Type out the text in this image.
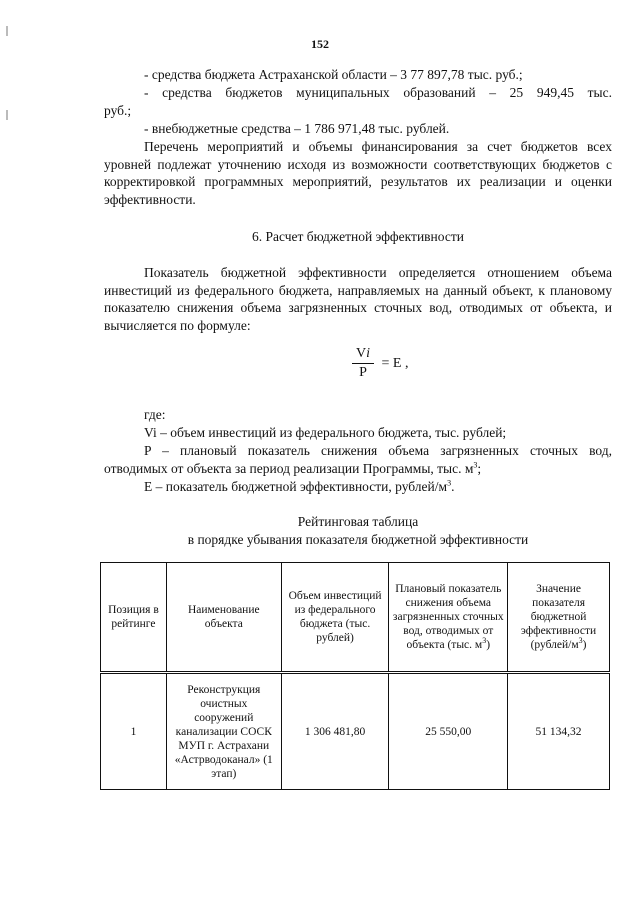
152
- средства бюджета Астраханской области – 3 77 897,78 тыс. руб.;
- средства бюджетов муниципальных образований – 25 949,45 тыс.
руб.;
- внебюджетные средства – 1 786 971,48 тыс. рублей.
Перечень мероприятий и объемы финансирования за счет бюджетов всех уровней подлежат уточнению исходя из возможности соответствующих бюджетов с корректировкой программных мероприятий, результатов их реализации и оценки эффективности.
6. Расчет бюджетной эффективности
Показатель бюджетной эффективности определяется отношением объема инвестиций из федерального бюджета, направляемых на данный объект, к плановому показателю снижения объема загрязненных сточных вод, отводимых от объекта, и вычисляется по формуле:
$\frac{Vi}{P} = E$ ,
где:
Vi – объем инвестиций из федерального бюджета, тыс. рублей;
P – плановый показатель снижения объема загрязненных сточных вод,
отводимых от объекта за период реализации Программы, тыс. $м^3$;
E – показатель бюджетной эффективности, рублей/$м^3$.
Рейтинговая таблица
в порядке убывания показателя бюджетной эффективности
Позиция в рейтинге	Наименование объекта	Объем инвестиций из федерального бюджета (тыс. рублей)	Плановый показатель снижения объема загрязненных сточных вод, отводимых от объекта (тыс. $м^3$)	Значение показателя бюджетной эффективности $(рублей/м^3)$
1	Реконструкция очистных сооружений канализации СОСК МУП г. Астрахани «Астрводоканал» (1 этап)	1 306 481,80	25 550,00	51 134,32
